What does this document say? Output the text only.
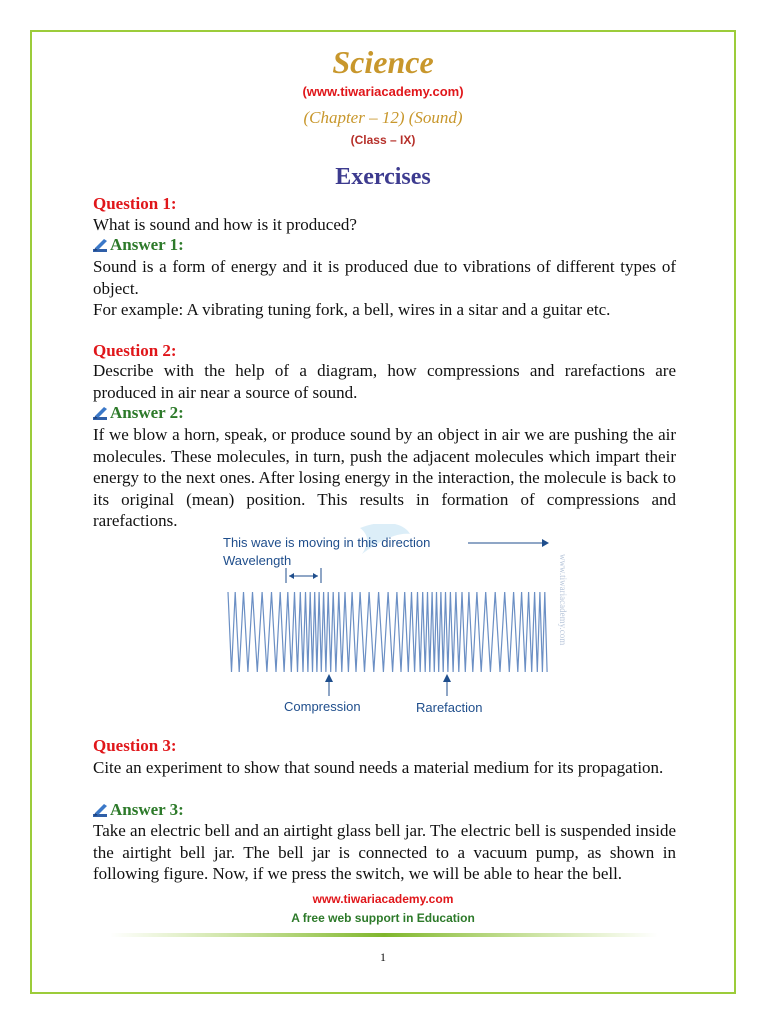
Science
(www.tiwariacademy.com)
(Chapter – 12) (Sound)
(Class – IX)
Exercises
Question 1:
What is sound and how is it produced?
Answer 1:
Sound is a form of energy and it is produced due to vibrations of different types of object.
For example: A vibrating tuning fork, a bell, wires in a sitar and a guitar etc.
Question 2:
Describe with the help of a diagram, how compressions and rarefactions are produced in air near a source of sound.
Answer 2:
If we blow a horn, speak, or produce sound by an object in air we are pushing the air molecules. These molecules, in turn, push the adjacent molecules which impart their energy to the next ones. After losing energy in the interaction, the molecule is back to its original (mean) position. This results in formation of compressions and rarefactions.
This wave is moving in this direction
Wavelength
Compression	Rarefaction
www.tiwariacademy.com
Question 3:
Cite an experiment to show that sound needs a material medium for its propagation.
Answer 3:
Take an electric bell and an airtight glass bell jar. The electric bell is suspended inside the airtight bell jar. The bell jar is connected to a vacuum pump, as shown in following figure. Now, if we press the switch, we will be able to hear the bell.
www.tiwariacademy.com
A free web support in Education
1
